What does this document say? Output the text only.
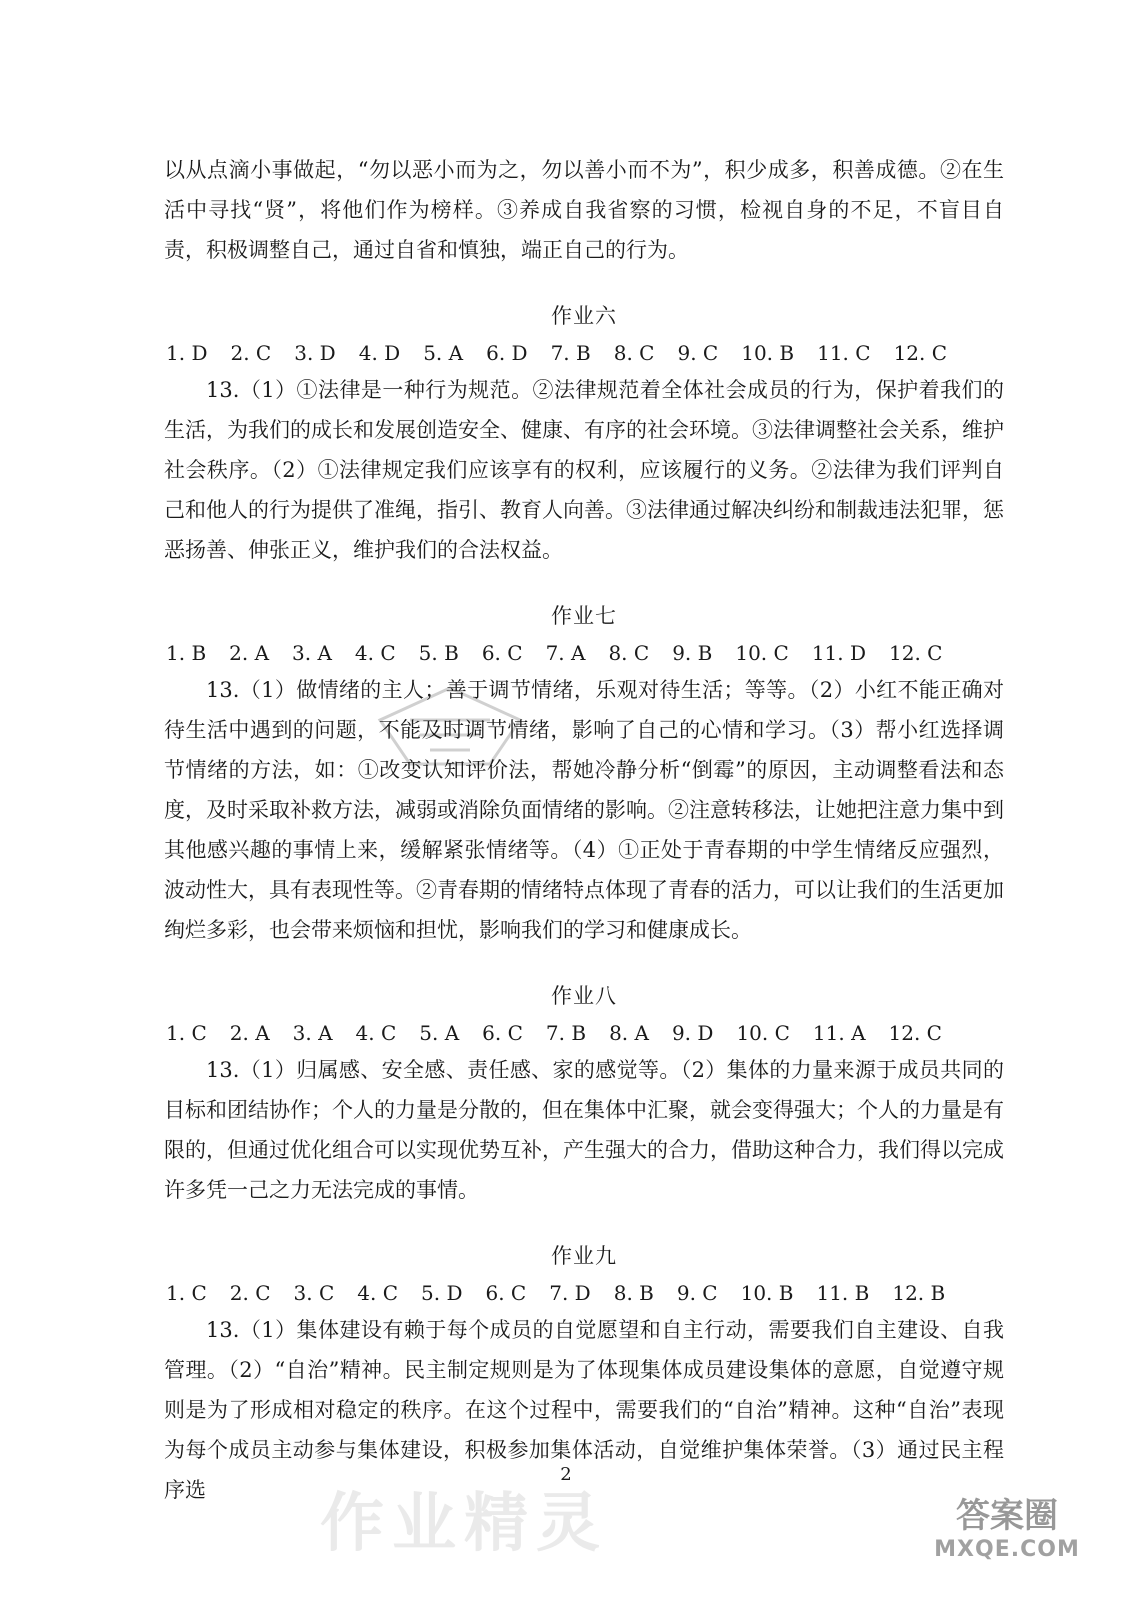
以从点滴小事做起，“勿以恶小而为之，勿以善小而不为”，积少成多，积善成德。②在生活中寻找“贤”，将他们作为榜样。③养成自我省察的习惯，检视自身的不足，不盲目自责，积极调整自己，通过自省和慎独，端正自己的行为。

作业六

1. D 2. C 3. D 4. D 5. A 6. D 7. B 8. C 9. C 10. B 11. C 12. C

13.（1）①法律是一种行为规范。②法律规范着全体社会成员的行为，保护着我们的生活，为我们的成长和发展创造安全、健康、有序的社会环境。③法律调整社会关系，维护社会秩序。（2）①法律规定我们应该享有的权利，应该履行的义务。②法律为我们评判自己和他人的行为提供了准绳，指引、教育人向善。③法律通过解决纠纷和制裁违法犯罪，惩恶扬善、伸张正义，维护我们的合法权益。

作业七

1. B 2. A 3. A 4. C 5. B 6. C 7. A 8. C 9. B 10. C 11. D 12. C

13.（1）做情绪的主人；善于调节情绪，乐观对待生活；等等。（2）小红不能正确对待生活中遇到的问题，不能及时调节情绪，影响了自己的心情和学习。（3）帮小红选择调节情绪的方法，如：①改变认知评价法，帮她冷静分析“倒霉”的原因，主动调整看法和态度，及时采取补救方法，减弱或消除负面情绪的影响。②注意转移法，让她把注意力集中到其他感兴趣的事情上来，缓解紧张情绪等。（4）①正处于青春期的中学生情绪反应强烈，波动性大，具有表现性等。②青春期的情绪特点体现了青春的活力，可以让我们的生活更加绚烂多彩，也会带来烦恼和担忧，影响我们的学习和健康成长。

作业八

1. C 2. A 3. A 4. C 5. A 6. C 7. B 8. A 9. D 10. C 11. A 12. C

13.（1）归属感、安全感、责任感、家的感觉等。（2）集体的力量来源于成员共同的目标和团结协作；个人的力量是分散的，但在集体中汇聚，就会变得强大；个人的力量是有限的，但通过优化组合可以实现优势互补，产生强大的合力，借助这种合力，我们得以完成许多凭一己之力无法完成的事情。

作业九

1. C 2. C 3. C 4. C 5. D 6. C 7. D 8. B 9. C 10. B 11. B 12. B

13.（1）集体建设有赖于每个成员的自觉愿望和自主行动，需要我们自主建设、自我管理。（2）“自治”精神。民主制定规则是为了体现集体成员建设集体的意愿，自觉遵守规则是为了形成相对稳定的秩序。在这个过程中，需要我们的“自治”精神。这种“自治”表现为每个成员主动参与集体建设，积极参加集体活动，自觉维护集体荣誉。（3）通过民主程序选

2
作业精灵	答案圈
MXQE.COM
